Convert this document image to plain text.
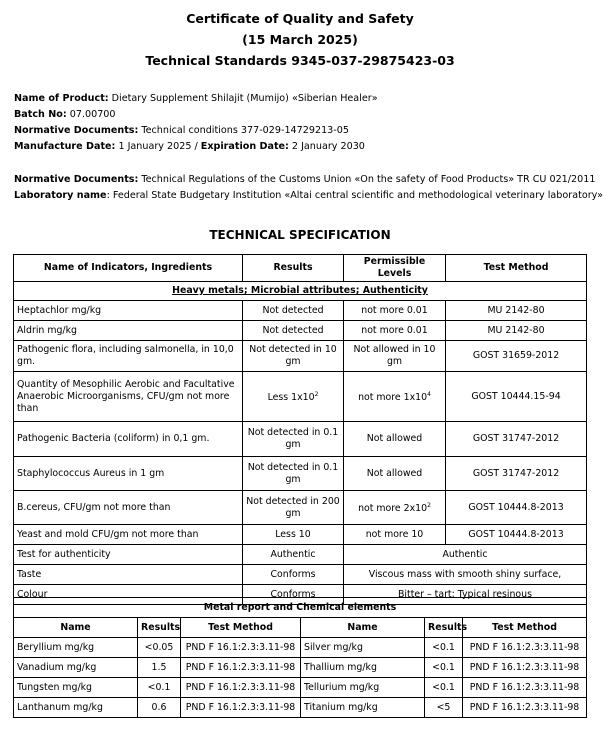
Certificate of Quality and Safety
(15 March 2025)
Technical Standards 9345-037-29875423-03
Name of Product: Dietary Supplement Shilajit (Mumijo) «Siberian Healer»
Batch No: 07.00700
Normative Documents: Technical conditions 377-029-14729213-05
Manufacture Date: 1 January 2025 / Expiration Date: 2 January 2030
Normative Documents: Technical Regulations of the Customs Union «On the safety of Food Products» TR CU 021/2011
Laboratory name: Federal State Budgetary Institution «Altai central scientific and methodological veterinary laboratory»
TECHNICAL SPECIFICATION
Name of Indicators, Ingredients	Results	Permissible Levels	Test Method
Heavy metals; Microbial attributes; Authenticity			
Heptachlor mg/kg	Not detected	not more 0.01	MU 2142-80
Aldrin mg/kg	Not detected	not more 0.01	MU 2142-80
Pathogenic flora, including salmonella, in 10,0 gm.	Not detected in 10 gm	Not allowed in 10 gm	GOST 31659-2012
Quantity of Mesophilic Aerobic and Facultative Anaerobic Microorganisms, CFU/gm not more than	Less $1x10^2$	not more $1x10^4$	GOST 10444.15-94
Pathogenic Bacteria (coliform) in 0,1 gm.	Not detected in 0.1 gm	Not allowed	GOST 31747-2012
Staphylococcus Aureus in 1 gm	Not detected in 0.1 gm	Not allowed	GOST 31747-2012
B.cereus, CFU/gm not more than	Not detected in 200 gm	not more $2x10^2$	GOST 10444.8-2013
Yeast and mold CFU/gm not more than	Less 10	not more 10	GOST 10444.8-2013
Test for authenticity	Authentic	Authentic	
Taste	Conforms	Viscous mass with smooth shiny surface,	
Colour	Conforms	Bitter – tart; Typical resinous	
Metal report and Chemical elements					
Name	Results	Test Method	Name	Results	Test Method
Beryllium mg/kg	<0.05	PND F 16.1:2.3:3.11-98	Silver mg/kg	<0.1	PND F 16.1:2.3:3.11-98
Vanadium mg/kg	1.5	PND F 16.1:2.3:3.11-98	Thallium mg/kg	<0.1	PND F 16.1:2.3:3.11-98
Tungsten mg/kg	<0.1	PND F 16.1:2.3:3.11-98	Tellurium mg/kg	<0.1	PND F 16.1:2.3:3.11-98
Lanthanum mg/kg	0.6	PND F 16.1:2.3:3.11-98	Titanium mg/kg	<5	PND F 16.1:2.3:3.11-98
